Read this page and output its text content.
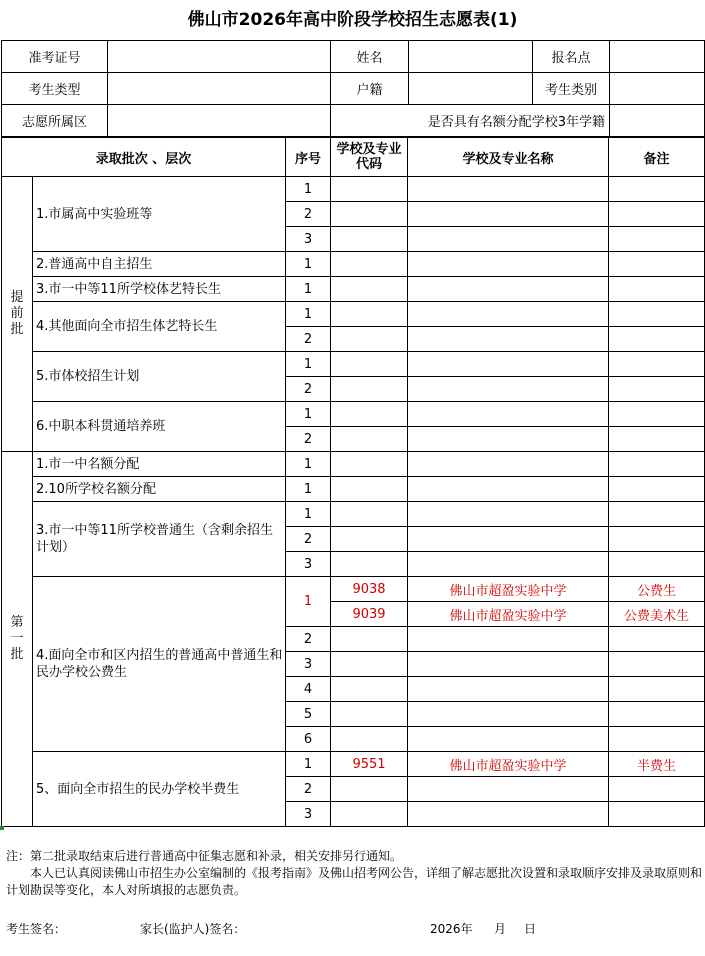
佛山市2026年高中阶段学校招生志愿表(1)
准考证号		姓名		报名点	
考生类型		户籍		考生类别	
志愿所属区		是否具有名额分配学校3年学籍			
录取批次 、层次		序号	学校及专业代码	学校及专业名称	备注
提前批	1.市属高中实验班等	1			
		2			
		3			
	2.普通高中自主招生	1			
	3.市一中等11所学校体艺特长生	1			
	4.其他面向全市招生体艺特长生	1			
		2			
	5.市体校招生计划	1			
		2			
	6.中职本科贯通培养班	1			
		2			
第一批	1.市一中名额分配	1			
	2.10所学校名额分配	1			
	3.市一中等11所学校普通生（含剩余招生计划）	1			
		2			
		3			
	4.面向全市和区内招生的普通高中普通生和民办学校公费生	1	9038	佛山市超盈实验中学	公费生
			9039	佛山市超盈实验中学	公费美术生
		2			
		3			
		4			
		5			
		6			
	5、面向全市招生的民办学校半费生	1	9551	佛山市超盈实验中学	半费生
		2			
		3			

注：第二批录取结束后进行普通高中征集志愿和补录，相关安排另行通知。

本人已认真阅读佛山市招生办公室编制的《报考指南》及佛山招考网公告，详细了解志愿批次设置和录取顺序安排及录取原则和计划勘误等变化，本人对所填报的志愿负责。

考生签名：	家长(监护人)签名：	2026年 月 日
